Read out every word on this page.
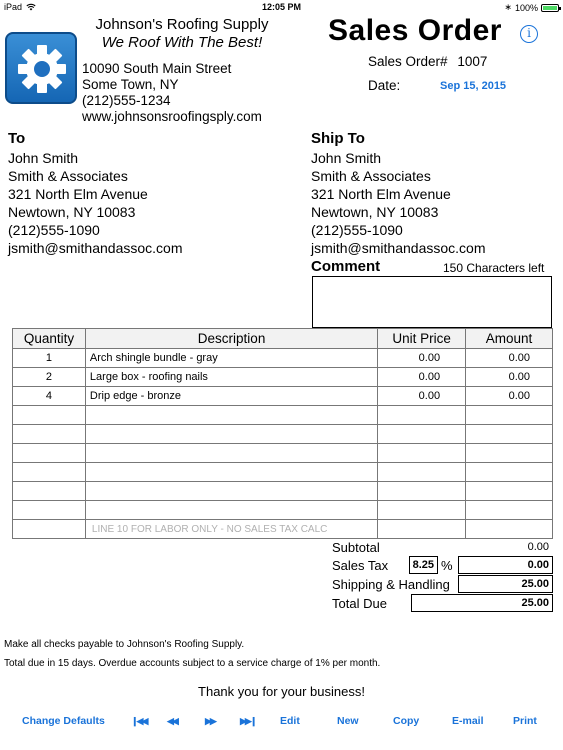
iPad	12:05 PM	∗ 100%
Johnson's Roofing Supply
We Roof With The Best!
10090 South Main Street
Some Town, NY
(212)555-1234
www.johnsonsroofingsply.com
Sales Order	i
Sales Order# 1007
Date:	Sep 15, 2015
To
John Smith
Smith & Associates
321 North Elm Avenue
Newtown, NY 10083
(212)555-1090
jsmith@smithandassoc.com
Ship To
John Smith
Smith & Associates
321 North Elm Avenue
Newtown, NY 10083
(212)555-1090
jsmith@smithandassoc.com
Comment	150 Characters left
Quantity	Description	Unit Price	Amount
1	Arch shingle bundle - gray	0.00	0.00
2	Large box - roofing nails	0.00	0.00
4	Drip edge - bronze	0.00	0.00

	LINE 10 FOR LABOR ONLY - NO SALES TAX CALC		
Subtotal	0.00
Sales Tax	8.25 %	0.00
Shipping & Handling	25.00
Total Due	25.00
Make all checks payable to Johnson's Roofing Supply.
Total due in 15 days. Overdue accounts subject to a service charge of 1% per month.
Thank you for your business!
Change Defaults	❙◀◀ ◀◀	▶▶	▶▶❙ Edit	New	Copy	E-mail	Print
